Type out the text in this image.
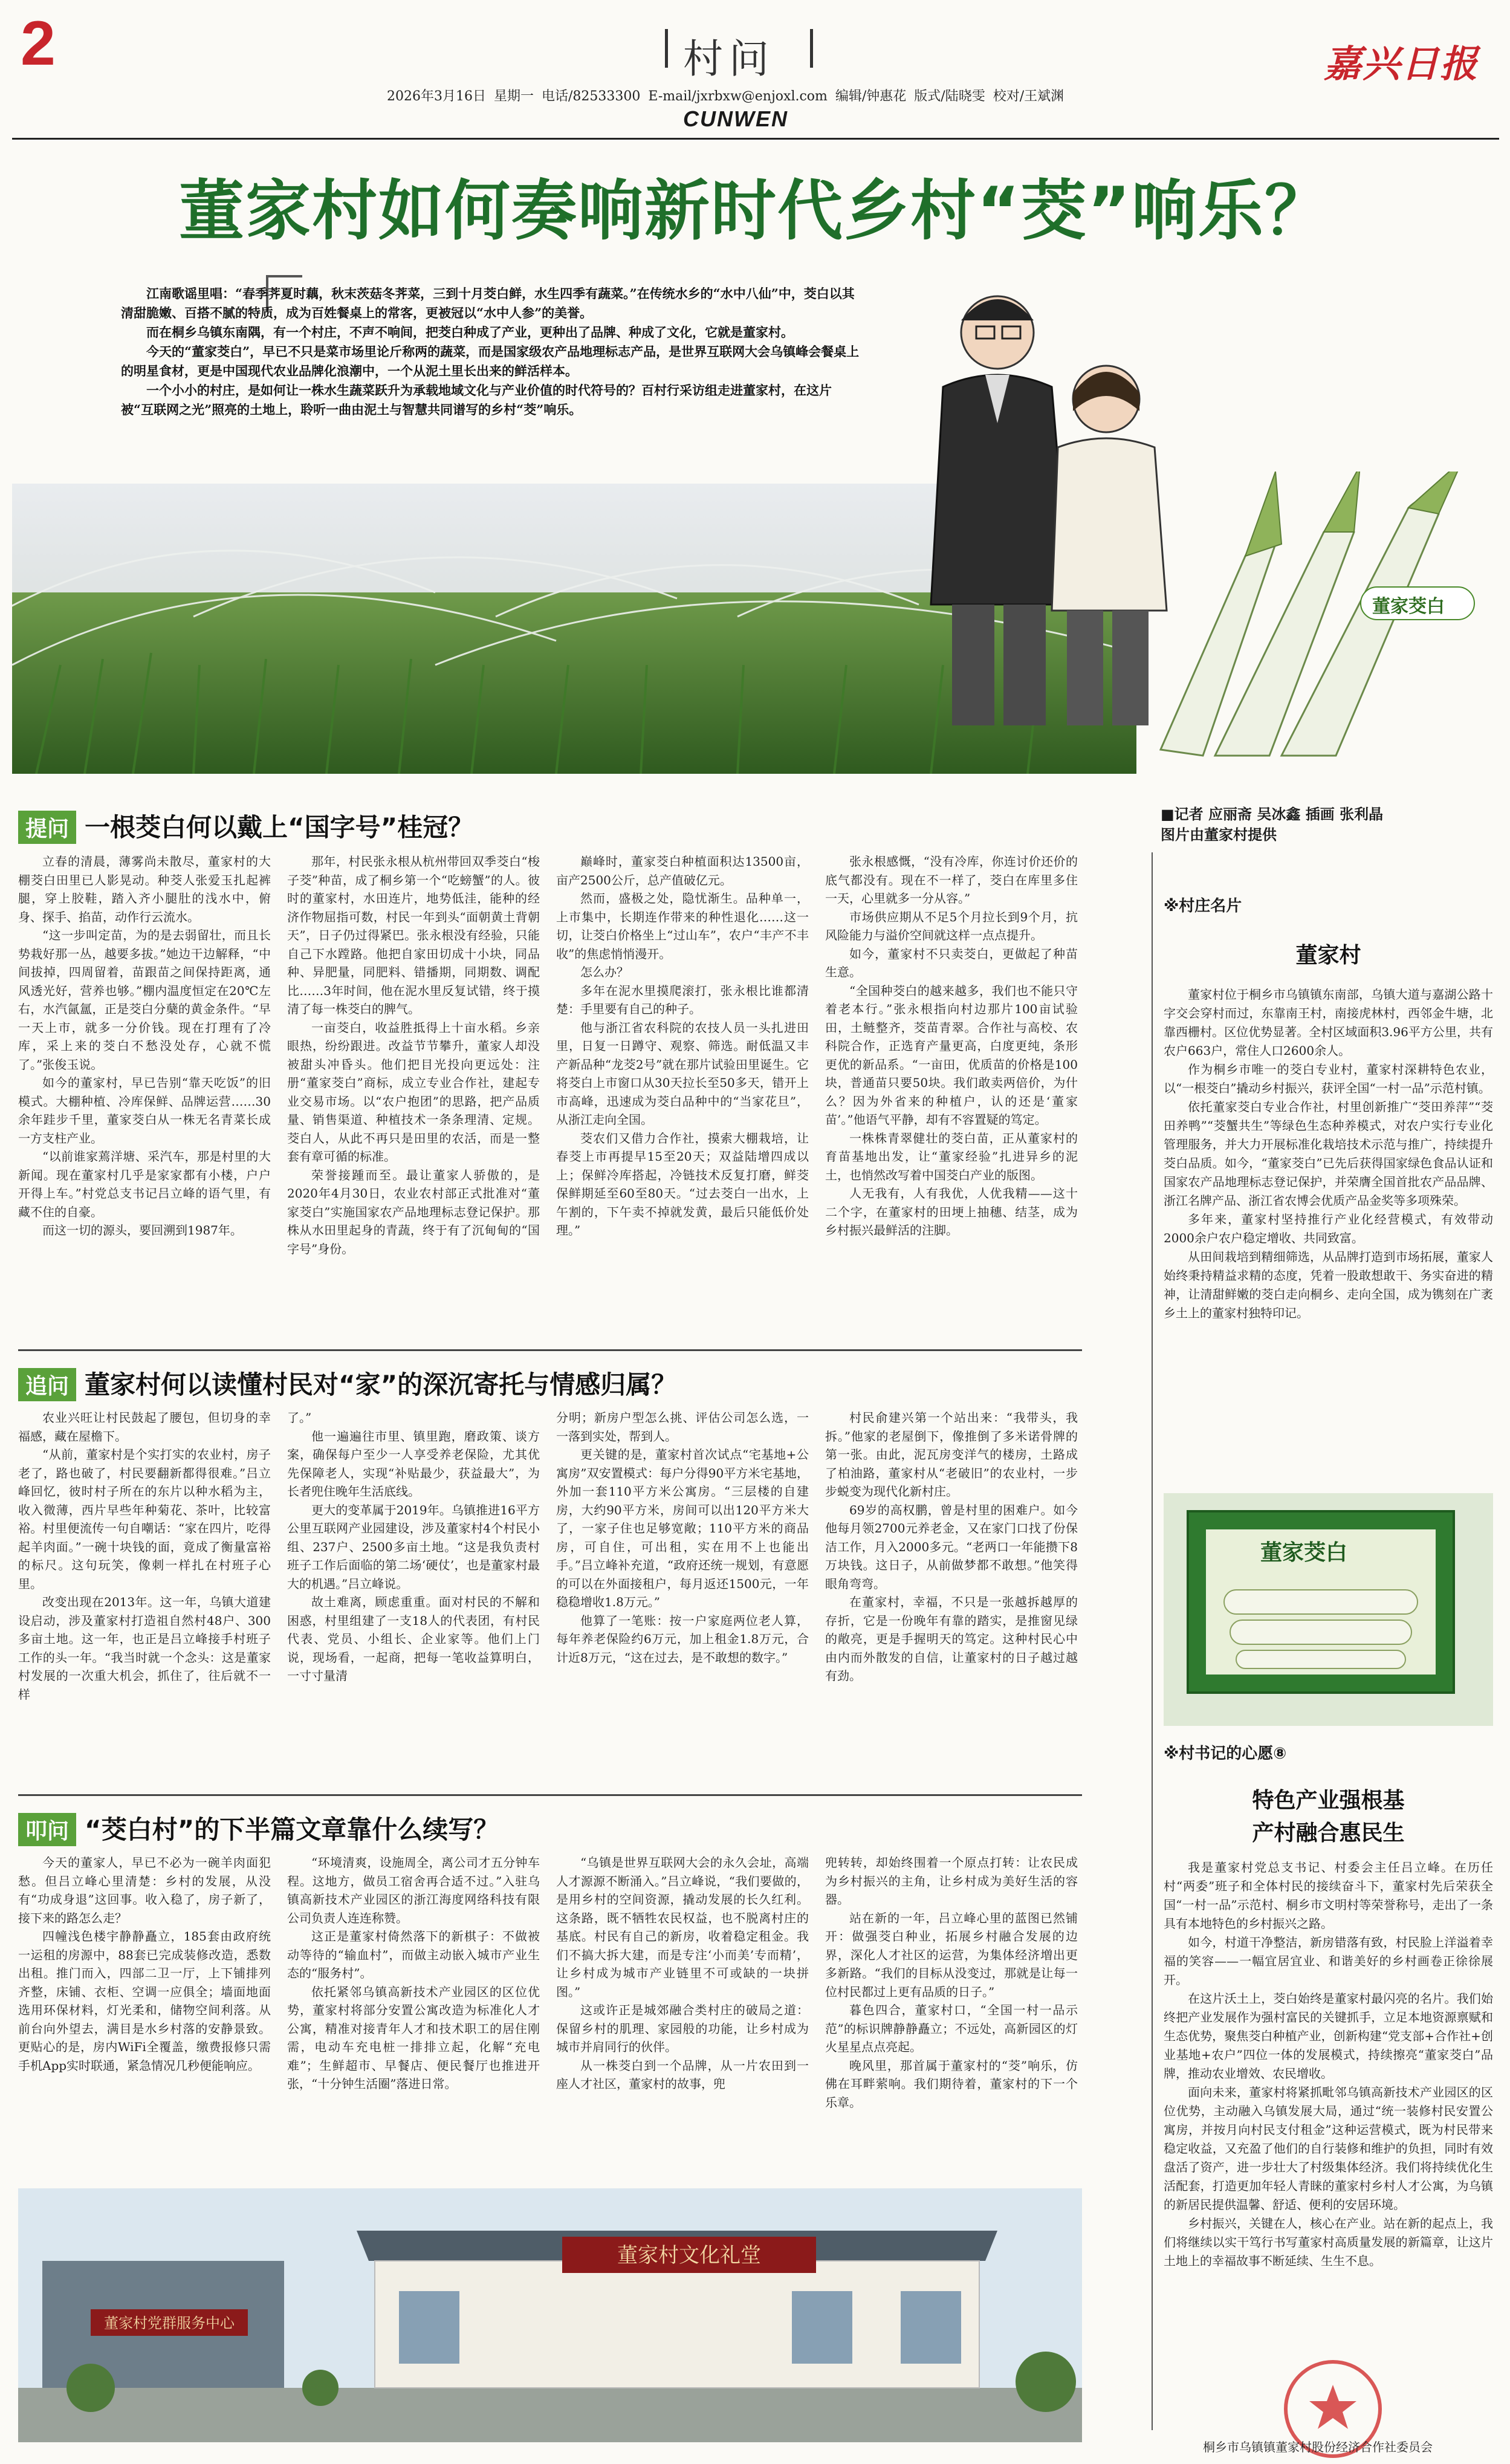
2	村问	嘉兴日报
2026年3月16日 星期一 电话/82533300 E-mail/jxrbxw@enjoxl.com 编辑/钟惠花 版式/陆晓雯 校对/王斌渊
CUNWEN
董家村如何奏响新时代乡村“茭”响乐？

江南歌谣里唱：“春季荠夏时藕，秋末茨菇冬荠菜，三到十月茭白鲜，水生四季有蔬菜。”在传统水乡的“水中八仙”中，茭白以其清甜脆嫩、百搭不腻的特质，成为百姓餐桌上的常客，更被冠以“水中人参”的美誉。

而在桐乡乌镇东南隅，有一个村庄，不声不响间，把茭白种成了产业，更种出了品牌、种成了文化，它就是董家村。

今天的“董家茭白”，早已不只是菜市场里论斤称两的蔬菜，而是国家级农产品地理标志产品，是世界互联网大会乌镇峰会餐桌上的明星食材，更是中国现代农业品牌化浪潮中，一个从泥土里长出来的鲜活样本。

一个小小的村庄，是如何让一株水生蔬菜跃升为承载地域文化与产业价值的时代符号的？百村行采访组走进董家村，在这片被“互联网之光”照亮的土地上，聆听一曲由泥土与智慧共同谱写的乡村“茭”响乐。

董家茭白
■记者 应丽斋 吴冰鑫 插画 张利晶
图片由董家村提供
提问 一根茭白何以戴上“国字号”桂冠？

立春的清晨，薄雾尚未散尽，董家村的大棚茭白田里已人影晃动。种茭人张爱玉扎起裤腿，穿上胶鞋，踏入齐小腿肚的浅水中，俯身、探手、掐苗，动作行云流水。

“这一步叫定苗，为的是去弱留壮，而且长势栽好那一丛，越要多拔。”她边干边解释，“中间拔掉，四周留着，苗跟苗之间保持距离，通风透光好，营养也够。”棚内温度恒定在20℃左右，水汽氤氲，正是茭白分蘖的黄金条件。“早一天上市，就多一分价钱。现在打理有了冷库，采上来的茭白不愁没处存，心就不慌了。”张俊玉说。

如今的董家村，早已告别“靠天吃饭”的旧模式。大棚种植、冷库保鲜、品牌运营……30余年跬步千里，董家茭白从一株无名青菜长成一方支柱产业。

“以前谁家蔫洋塘、采汽车，那是村里的大新闻。现在董家村几乎是家家都有小楼，户户开得上车。”村党总支书记吕立峰的语气里，有藏不住的自豪。

而这一切的源头，要回溯到1987年。

那年，村民张永根从杭州带回双季茭白“梭子茭”种苗，成了桐乡第一个“吃螃蟹”的人。彼时的董家村，水田连片，地势低洼，能种的经济作物屈指可数，村民一年到头“面朝黄土背朝天”，日子仍过得紧巴。张永根没有经验，只能自己下水蹚路。他把自家田切成十小块，同品种、异肥量，同肥料、错播期，同期数、调配比……3年时间，他在泥水里反复试错，终于摸清了每一株茭白的脾气。

一亩茭白，收益胜抵得上十亩水稻。乡亲眼热，纷纷跟进。改益节节攀升，董家人却没被甜头冲昏头。他们把目光投向更远处：注册“董家茭白”商标，成立专业合作社，建起专业交易市场。以“农户抱团”的思路，把产品质量、销售渠道、种植技术一条条理清、定规。茭白人，从此不再只是田里的农活，而是一整套有章可循的标准。

荣誉接踵而至。最让董家人骄傲的，是2020年4月30日，农业农村部正式批准对“董家茭白”实施国家农产品地理标志登记保护。那株从水田里起身的青蔬，终于有了沉甸甸的“国字号”身份。

巅峰时，董家茭白种植面积达13500亩，亩产2500公斤，总产值破亿元。

然而，盛极之处，隐忧渐生。品种单一，上市集中，长期连作带来的种性退化……这一切，让茭白价格坐上“过山车”，农户“丰产不丰收”的焦虑悄悄漫开。

怎么办？

多年在泥水里摸爬滚打，张永根比谁都清楚：手里要有自己的种子。

他与浙江省农科院的农技人员一头扎进田里，日复一日蹲守、观察、筛选。耐低温又丰产新品种“龙茭2号”就在那片试验田里诞生。它将茭白上市窗口从30天拉长至50多天，错开上市高峰，迅速成为茭白品种中的“当家花旦”，从浙江走向全国。

茭农们又借力合作社，摸索大棚栽培，让春茭上市再提早15至20天；双益陆增四成以上；保鲜冷库搭起，冷链技术反复打磨，鲜茭保鲜期延至60至80天。“过去茭白一出水，上午割的，下午卖不掉就发黄，最后只能低价处理。”

张永根感慨，“没有冷库，你连讨价还价的底气都没有。现在不一样了，茭白在库里多住一天，心里就多一分从容。”

市场供应期从不足5个月拉长到9个月，抗风险能力与溢价空间就这样一点点提升。

如今，董家村不只卖茭白，更做起了种苗生意。

“全国种茭白的越来越多，我们也不能只守着老本行。”张永根指向村边那片100亩试验田，土鲢整齐，茭苗青翠。合作社与高校、农科院合作，正选育产量更高，白度更纯，条形更优的新品系。“一亩田，优质苗的价格是100块，普通苗只要50块。我们敢卖两倍价，为什么？因为外省来的种植户，认的还是‘董家苗’。”他语气平静，却有不容置疑的笃定。

一株株青翠健壮的茭白苗，正从董家村的育苗基地出发，让“董家经验”扎进异乡的泥土，也悄然改写着中国茭白产业的版图。

人无我有，人有我优，人优我精——这十二个字，在董家村的田埂上抽穗、结茎，成为乡村振兴最鲜活的注脚。

追问 董家村何以读懂村民对“家”的深沉寄托与情感归属？

农业兴旺让村民鼓起了腰包，但切身的幸福感，藏在屋檐下。

“从前，董家村是个实打实的农业村，房子老了，路也破了，村民要翻新都得很难。”吕立峰回忆，彼时村子所在的东片以种水稻为主，收入微薄，西片早些年种菊花、茶叶，比较富裕。村里便流传一句自嘲话：“家在四片，吃得起羊肉面。”一碗十块钱的面，竟成了衡量富裕的标尺。这句玩笑，像刺一样扎在村班子心里。

改变出现在2013年。这一年，乌镇大道建设启动，涉及董家村打造祖自然村48户、300多亩土地。这一年，也正是吕立峰接手村班子工作的头一年。“我当时就一个念头：这是董家村发展的一次重大机会，抓住了，往后就不一样

了。”

他一遍遍往市里、镇里跑，磨政策、谈方案，确保每户至少一人享受养老保险，尤其优先保障老人，实现“补贴最少，获益最大”，为长者兜住晚年生活底线。

更大的变革属于2019年。乌镇推进16平方公里互联网产业园建设，涉及董家村4个村民小组、237户、2500多亩土地。“这是我负责村班子工作后面临的第二场‘硬仗’，也是董家村最大的机遇。”吕立峰说。

故土难离，顾虑重重。面对村民的不解和困惑，村里组建了一支18人的代表团，有村民代表、党员、小组长、企业家等。他们上门说，现场看，一起商，把每一笔收益算明白，一寸寸量清

分明；新房户型怎么挑、评估公司怎么选，一一落到实处，帮到人。

更关键的是，董家村首次试点“宅基地+公寓房”双安置模式：每户分得90平方米宅基地，外加一套110平方米公寓房。“三层楼的自建房，大约90平方米，房间可以出120平方米大了，一家子住也足够宽敞；110平方米的商品房，可自住，可出租，实在用不上也能出手。”吕立峰补充道，“政府还统一规划，有意愿的可以在外面接租户，每月返还1500元，一年稳稳增收1.8万元。”

他算了一笔账：按一户家庭两位老人算，每年养老保险约6万元，加上租金1.8万元，合计近8万元，“这在过去，是不敢想的数字。”

村民俞建兴第一个站出来：“我带头，我拆。”他家的老屋倒下，像推倒了多米诺骨牌的第一张。由此，泥瓦房变洋气的楼房，土路成了柏油路，董家村从“老破旧”的农业村，一步步蜕变为现代化新村庄。

69岁的高权鹏，曾是村里的困难户。如今他每月领2700元养老金，又在家门口找了份保洁工作，月入2000多元。“老两口一年能攒下8万块钱。这日子，从前做梦都不敢想。”他笑得眼角弯弯。

在董家村，幸福，不只是一张越拆越厚的存折，它是一份晚年有靠的踏实，是推窗见绿的敞亮，更是手握明天的笃定。这种村民心中由内而外散发的自信，让董家村的日子越过越有劲。

叩问 “茭白村”的下半篇文章靠什么续写？

今天的董家人，早已不必为一碗羊肉面犯愁。但吕立峰心里清楚：乡村的发展，从没有“功成身退”这回事。收入稳了，房子新了，接下来的路怎么走？

四幢浅色楼宇静静矗立，185套由政府统一运租的房源中，88套已完成装修改造，悉数出租。推门而入，四部二卫一厅，上下铺排列齐整，床铺、衣柜、空调一应俱全；墙面地面选用环保材料，灯光柔和，储物空间利落。从前台向外望去，满目是水乡村落的安静景致。更贴心的是，房内WiFi全覆盖，缴费报修只需手机App实时联通，紧急情况几秒便能响应。

“环境清爽，设施周全，离公司才五分钟车程。这地方，做员工宿舍再合适不过。”入驻乌镇高新技术产业园区的浙江海度网络科技有限公司负责人连连称赞。

这正是董家村倚然落下的新棋子：不做被动等待的“输血村”，而做主动嵌入城市产业生态的“服务村”。

依托紧邻乌镇高新技术产业园区的区位优势，董家村将部分安置公寓改造为标准化人才公寓，精准对接青年人才和技术职工的居住刚需，电动车充电桩一排排立起，化解“充电难”；生鲜超市、早餐店、便民餐厅也推进开张，“十分钟生活圈”落进日常。

“乌镇是世界互联网大会的永久会址，高端人才源源不断涌入。”吕立峰说，“我们要做的，是用乡村的空间资源，撬动发展的长久红利。这条路，既不牺牲农民权益，也不脱离村庄的基底。村民有自己的新房，收着稳定租金。我们不搞大拆大建，而是专注‘小而美’专而精’，让乡村成为城市产业链里不可或缺的一块拼图。”

这或许正是城郊融合类村庄的破局之道：保留乡村的肌理、家园般的功能，让乡村成为城市并肩同行的伙伴。

从一株茭白到一个品牌，从一片农田到一座人才社区，董家村的故事，兜

兜转转，却始终围着一个原点打转：让农民成为乡村振兴的主角，让乡村成为美好生活的容器。

站在新的一年，吕立峰心里的蓝图已然铺开：做强茭白种业，拓展乡村融合发展的边界，深化人才社区的运营，为集体经济増出更多新路。“我们的目标从没变过，那就是让每一位村民都过上更有品质的日子。”

暮色四合，董家村口，“全国一村一品示范”的标识牌静静矗立；不远处，高新园区的灯火星星点点亮起。

晚风里，那首属于董家村的“茭”响乐，仿佛在耳畔萦响。我们期待着，董家村的下一个乐章。

董家村文化礼堂
董家村党群服务中心
※村庄名片
董家村

董家村位于桐乡市乌镇镇东南部，乌镇大道与嘉湖公路十字交会穿村而过，东靠南王村，南接虎林村，西邻金牛塘，北靠西栅村。区位优势显著。全村区域面积3.96平方公里，共有农户663户，常住人口2600余人。

作为桐乡市唯一的茭白专业村，董家村深耕特色农业，以“一根茭白”撬动乡村振兴，获评全国“一村一品”示范村镇。

依托董家茭白专业合作社，村里创新推广“茭田养萍”“茭田养鸭”“茭蟹共生”等绿色生态种养模式，对农户实行专业化管理服务，并大力开展标准化栽培技术示范与推广，持续提升茭白品质。如今，“董家茭白”已先后获得国家绿色食品认证和国家农产品地理标志登记保护，并荣膺全国首批农产品品牌、浙江名牌产品、浙江省农博会优质产品金奖等多项殊荣。

多年来，董家村坚持推行产业化经营模式，有效带动2000余户农户稳定增收、共同致富。

从田间栽培到精细筛选，从品牌打造到市场拓展，董家人始终秉持精益求精的态度，凭着一股敢想敢干、务实奋进的精神，让清甜鲜嫩的茭白走向桐乡、走向全国，成为镌刻在广袤乡土上的董家村独特印记。

董家茭白
※村书记的心愿⑧
特色产业强根基
产村融合惠民生

我是董家村党总支书记、村委会主任吕立峰。在历任村“两委”班子和全体村民的接续奋斗下，董家村先后荣获全国“一村一品”示范村、桐乡市文明村等荣誉称号，走出了一条具有本地特色的乡村振兴之路。

如今，村道干净整洁，新房错落有致，村民脸上洋溢着幸福的笑容——一幅宜居宜业、和谐美好的乡村画卷正徐徐展开。

在这片沃土上，茭白始终是董家村最闪亮的名片。我们始终把产业发展作为强村富民的关键抓手，立足本地资源禀赋和生态优势，聚焦茭白种植产业，创新构建“党支部+合作社+创业基地+农户”四位一体的发展模式，持续擦亮“董家茭白”品牌，推动农业增效、农民增收。

面向未来，董家村将紧抓毗邻乌镇高新技术产业园区的区位优势，主动融入乌镇发展大局，通过“统一装修村民安置公寓房，并按月向村民支付租金”这种运营模式，既为村民带来稳定收益，又充盈了他们的自行装修和维护的负担，同时有效盘活了资产，进一步壮大了村级集体经济。我们将持续优化生活配套，打造更加年轻人青睐的董家村乡村人才公寓，为乌镇的新居民提供温馨、舒适、便利的安居环境。

乡村振兴，关键在人，核心在产业。站在新的起点上，我们将继续以实干笃行书写董家村高质量发展的新篇章，让这片土地上的幸福故事不断延续、生生不息。

桐乡市乌镇镇董家村股份经济合作社委员会
